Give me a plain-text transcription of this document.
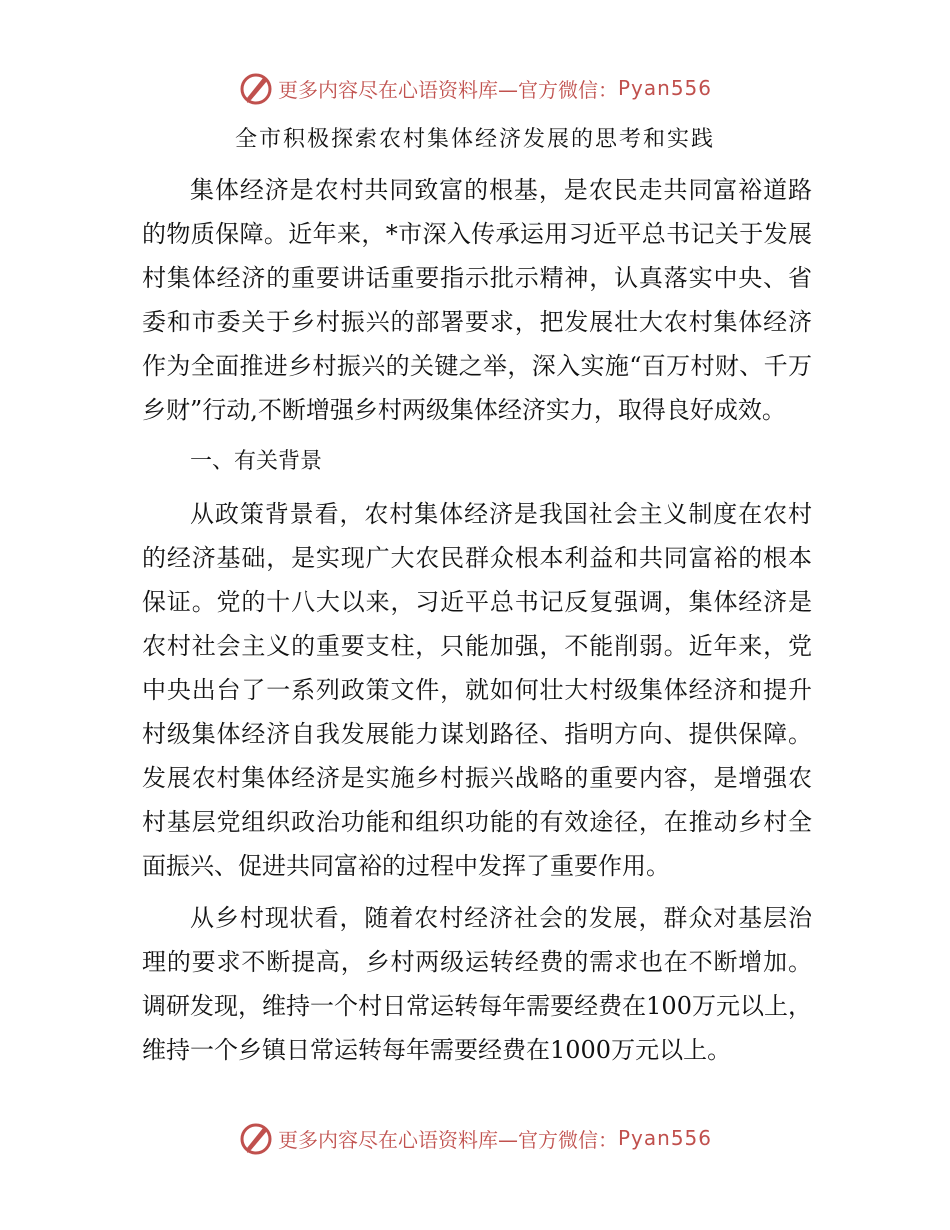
更多内容尽在心语资料库—官方微信： Pyan556
全市积极探索农村集体经济发展的思考和实践

集体经济是农村共同致富的根基，是农民走共同富裕道路的物质保障。近年来，*市深入传承运用习近平总书记关于发展村集体经济的重要讲话重要指示批示精神，认真落实中央、省委和市委关于乡村振兴的部署要求，把发展壮大农村集体经济作为全面推进乡村振兴的关键之举，深入实施“百万村财、千万乡财”行动,不断增强乡村两级集体经济实力，取得良好成效。

一、有关背景

从政策背景看，农村集体经济是我国社会主义制度在农村的经济基础，是实现广大农民群众根本利益和共同富裕的根本保证。党的十八大以来，习近平总书记反复强调，集体经济是农村社会主义的重要支柱，只能加强，不能削弱。近年来，党中央出台了一系列政策文件，就如何壮大村级集体经济和提升村级集体经济自我发展能力谋划路径、指明方向、提供保障。发展农村集体经济是实施乡村振兴战略的重要内容，是增强农村基层党组织政治功能和组织功能的有效途径，在推动乡村全面振兴、促进共同富裕的过程中发挥了重要作用。

从乡村现状看，随着农村经济社会的发展，群众对基层治理的要求不断提高，乡村两级运转经费的需求也在不断增加。调研发现，维持一个村日常运转每年需要经费在100万元以上，维持一个乡镇日常运转每年需要经费在1000万元以上。

更多内容尽在心语资料库—官方微信： Pyan556
